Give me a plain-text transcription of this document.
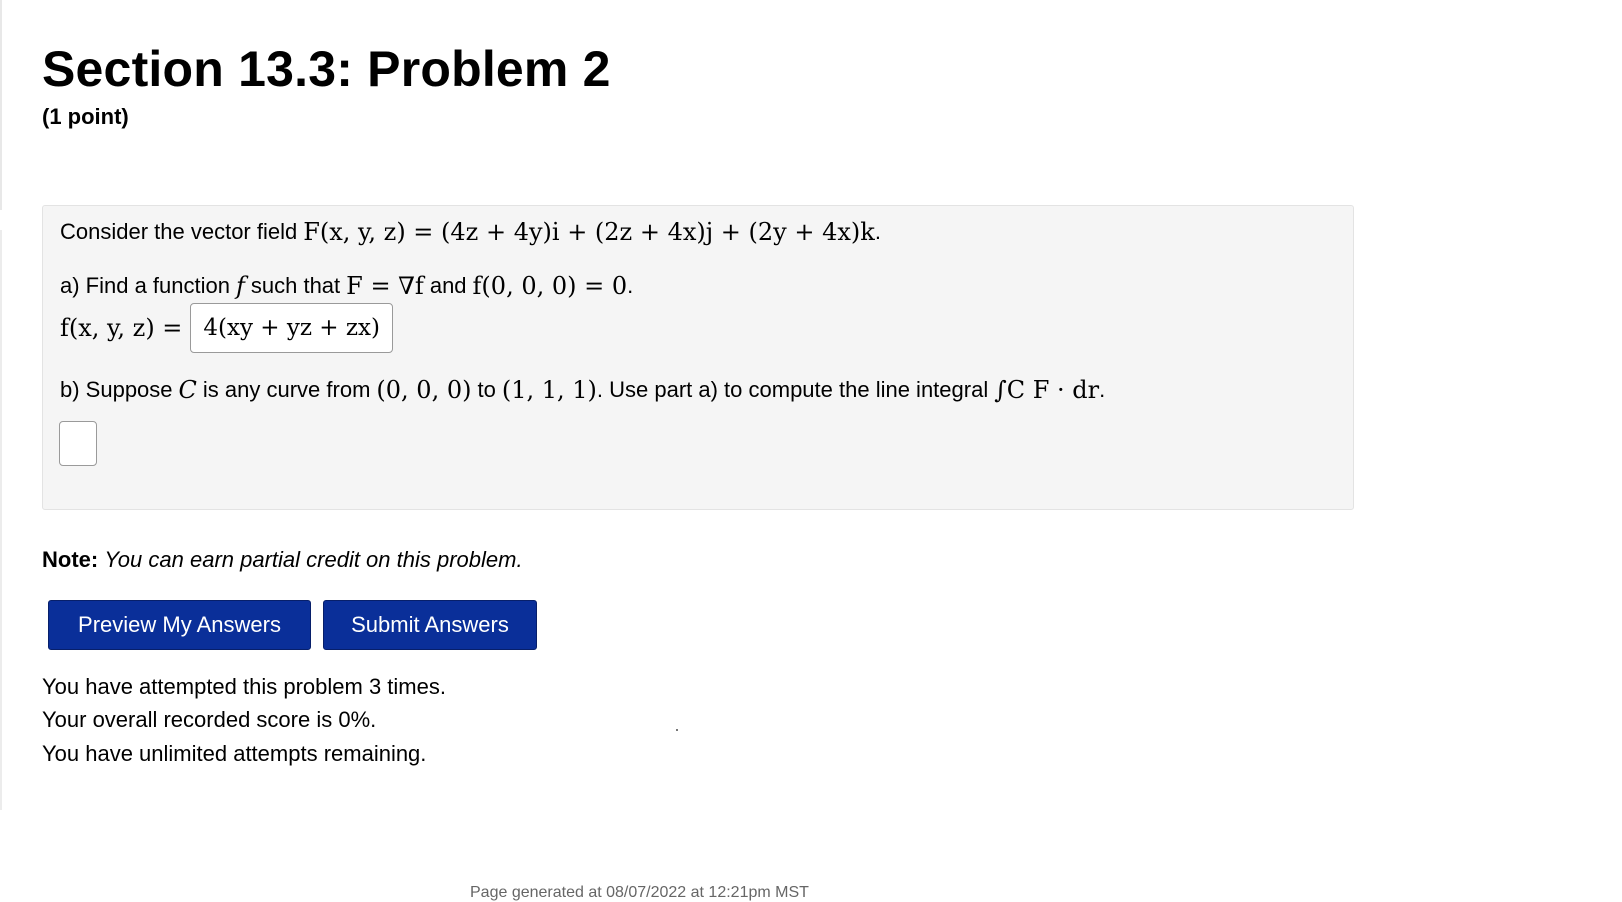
Section 13.3: Problem 2
(1 point)
Consider the vector field F(x, y, z) = (4z + 4y)i + (2z + 4x)j + (2y + 4x)k .
a) Find a function f such that F = ∇f and f(0, 0, 0) = 0 .
f(x, y, z) = 4(xy + yz + zx)
b) Suppose C is any curve from (0, 0, 0) to (1, 1, 1) . Use part a) to compute the line integral ∫C F · dr .
Note: You can earn partial credit on this problem.
Preview My Answers	Submit Answers
You have attempted this problem 3 times.
Your overall recorded score is 0%.
You have unlimited attempts remaining.
Page generated at 08/07/2022 at 12:21pm MST
